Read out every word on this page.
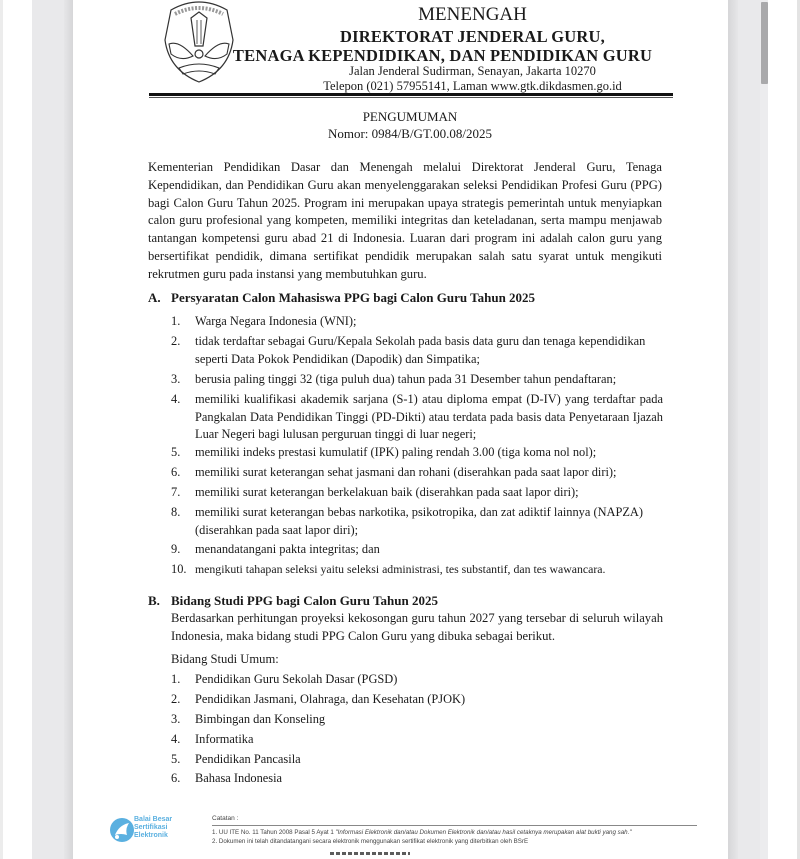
MENENGAH
DIREKTORAT JENDERAL GURU,
TENAGA KEPENDIDIKAN, DAN PENDIDIKAN GURU
Jalan Jenderal Sudirman, Senayan, Jakarta 10270
Telepon (021) 57955141, Laman www.gtk.dikdasmen.go.id
PENGUMUMAN
Nomor: 0984/B/GT.00.08/2025
Kementerian Pendidikan Dasar dan Menengah melalui Direktorat Jenderal Guru, Tenaga Kependidikan, dan Pendidikan Guru akan menyelenggarakan seleksi Pendidikan Profesi Guru (PPG) bagi Calon Guru Tahun 2025. Program ini merupakan upaya strategis pemerintah untuk menyiapkan calon guru profesional yang kompeten, memiliki integritas dan keteladanan, serta mampu menjawab tantangan kompetensi guru abad 21 di Indonesia. Luaran dari program ini adalah calon guru yang bersertifikat pendidik, dimana sertifikat pendidik merupakan salah satu syarat untuk mengikuti rekrutmen guru pada instansi yang membutuhkan guru.
A. Persyaratan Calon Mahasiswa PPG bagi Calon Guru Tahun 2025
1.	Warga Negara Indonesia (WNI);
2.	tidak terdaftar sebagai Guru/Kepala Sekolah pada basis data guru dan tenaga kependidikan seperti Data Pokok Pendidikan (Dapodik) dan Simpatika;
3.	berusia paling tinggi 32 (tiga puluh dua) tahun pada 31 Desember tahun pendaftaran;
4.	memiliki kualifikasi akademik sarjana (S-1) atau diploma empat (D-IV) yang terdaftar pada Pangkalan Data Pendidikan Tinggi (PD-Dikti) atau terdata pada basis data Penyetaraan Ijazah Luar Negeri bagi lulusan perguruan tinggi di luar negeri;
5.	memiliki indeks prestasi kumulatif (IPK) paling rendah 3.00 (tiga koma nol nol);
6.	memiliki surat keterangan sehat jasmani dan rohani (diserahkan pada saat lapor diri);
7.	memiliki surat keterangan berkelakuan baik (diserahkan pada saat lapor diri);
8.	memiliki surat keterangan bebas narkotika, psikotropika, dan zat adiktif lainnya (NAPZA) (diserahkan pada saat lapor diri);
9.	menandatangani pakta integritas; dan
10. mengikuti tahapan seleksi yaitu seleksi administrasi, tes substantif, dan tes wawancara.
B. Bidang Studi PPG bagi Calon Guru Tahun 2025
Berdasarkan perhitungan proyeksi kekosongan guru tahun 2027 yang tersebar di seluruh wilayah Indonesia, maka bidang studi PPG Calon Guru yang dibuka sebagai berikut.
Bidang Studi Umum:
1.	Pendidikan Guru Sekolah Dasar (PGSD)
2.	Pendidikan Jasmani, Olahraga, dan Kesehatan (PJOK)
3.	Bimbingan dan Konseling
4.	Informatika
5.	Pendidikan Pancasila
6.	Bahasa Indonesia
Balai Besar
Sertifikasi
Elektronik
Catatan :
1. UU ITE No. 11 Tahun 2008 Pasal 5 Ayat 1 "Informasi Elektronik dan/atau Dokumen Elektronik dan/atau hasil cetaknya merupakan alat bukti yang sah."
2. Dokumen ini telah ditandatangani secara elektronik menggunakan sertifikat elektronik yang diterbitkan oleh BSrE
